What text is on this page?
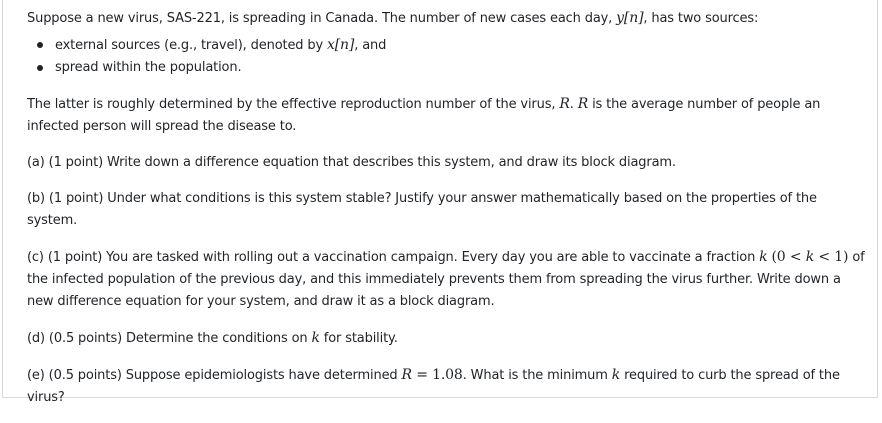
Suppose a new virus, SAS-221, is spreading in Canada. The number of new cases each day, y[n], has two sources:

external sources (e.g., travel), denoted by x[n], and
spread within the population.

The latter is roughly determined by the effective reproduction number of the virus, R. R is the average number of people an infected person will spread the disease to.

(a) (1 point) Write down a difference equation that describes this system, and draw its block diagram.

(b) (1 point) Under what conditions is this system stable? Justify your answer mathematically based on the properties of the system.

(c) (1 point) You are tasked with rolling out a vaccination campaign. Every day you are able to vaccinate a fraction k (0 < k < 1) of the infected population of the previous day, and this immediately prevents them from spreading the virus further. Write down a new difference equation for your system, and draw it as a block diagram.

(d) (0.5 points) Determine the conditions on k for stability.

(e) (0.5 points) Suppose epidemiologists have determined R = 1.08. What is the minimum k required to curb the spread of the virus?
